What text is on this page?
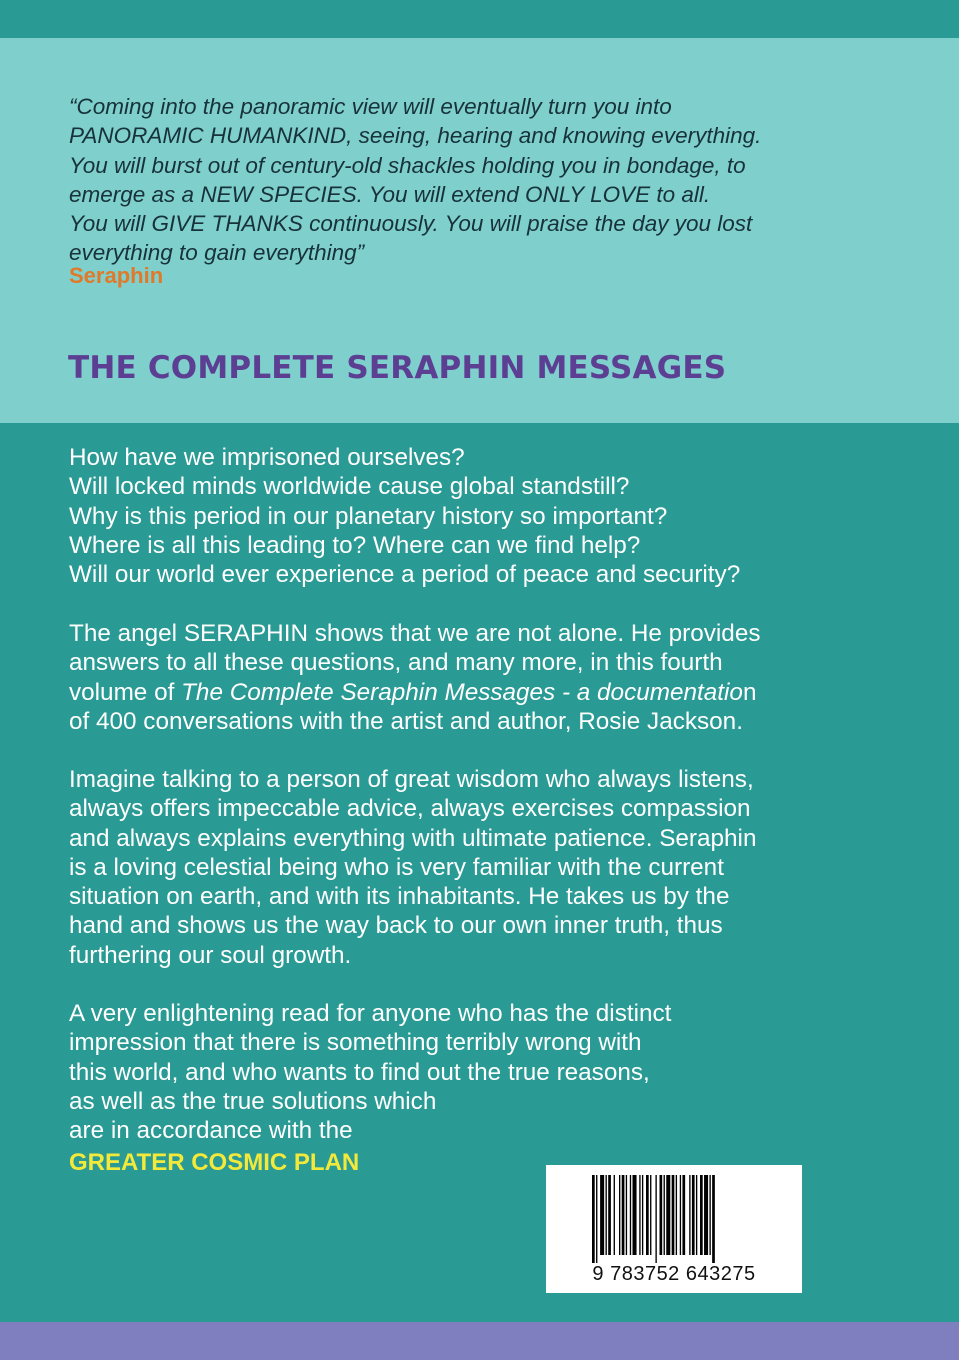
“Coming into the panoramic view will eventually turn you into
PANORAMIC HUMANKIND, seeing, hearing and knowing everything.
You will burst out of century-old shackles holding you in bondage, to
emerge as a NEW SPECIES. You will extend ONLY LOVE to all.
You will GIVE THANKS continuously. You will praise the day you lost
everything to gain everything”

Seraphin
THE COMPLETE SERAPHIN MESSAGES

How have we imprisoned ourselves?
Will locked minds worldwide cause global standstill?
Why is this period in our planetary history so important?
Where is all this leading to? Where can we find help?
Will our world ever experience a period of peace and security?

The angel SERAPHIN shows that we are not alone. He provides
answers to all these questions, and many more, in this fourth
volume of The Complete Seraphin Messages - a documentation
of 400 conversations with the artist and author, Rosie Jackson.

Imagine talking to a person of great wisdom who always listens,
always offers impeccable advice, always exercises compassion
and always explains everything with ultimate patience. Seraphin
is a loving celestial being who is very familiar with the current
situation on earth, and with its inhabitants. He takes us by the
hand and shows us the way back to our own inner truth, thus
furthering our soul growth.

A very enlightening read for anyone who has the distinct
impression that there is something terribly wrong with
this world, and who wants to find out the true reasons,
as well as the true solutions which
are in accordance with the

GREATER COSMIC PLAN
9 783752 643275
